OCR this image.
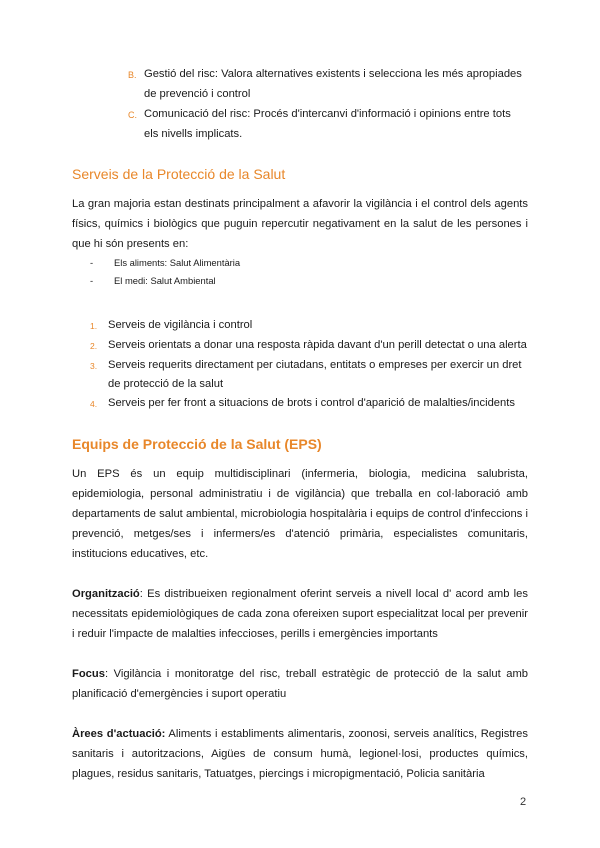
B. Gestió del risc: Valora alternatives existents i selecciona les més apropiades de prevenció i control
C. Comunicació del risc: Procés d'intercanvi d'informació i opinions entre tots els nivells implicats.
Serveis de la Protecció de la Salut

La gran majoria estan destinats principalment a afavorir la vigilància i el control dels agents físics, químics i biològics que puguin repercutir negativament en la salut de les persones i que hi són presents en:

-	Els aliments: Salut Alimentària
-	El medi: Salut Ambiental
1. Serveis de vigilància i control
2. Serveis orientats a donar una resposta ràpida davant d'un perill detectat o una alerta
3. Serveis requerits directament per ciutadans, entitats o empreses per exercir un dret de protecció de la salut
4. Serveis per fer front a situacions de brots i control d'aparició de malalties/incidents
Equips de Protecció de la Salut (EPS)

Un EPS és un equip multidisciplinari (infermeria, biologia, medicina salubrista, epidemiologia, personal administratiu i de vigilància) que treballa en col·laboració amb departaments de salut ambiental, microbiologia hospitalària i equips de control d'infeccions i prevenció, metges/ses i infermers/es d'atenció primària, especialistes comunitaris, institucions educatives, etc.

Organització: Es distribueixen regionalment oferint serveis a nivell local d' acord amb les necessitats epidemiològiques de cada zona ofereixen suport especialitzat local per prevenir i reduir l'impacte de malalties infeccioses, perills i emergències importants

Focus: Vigilància i monitoratge del risc, treball estratègic de protecció de la salut amb planificació d'emergències i suport operatiu

Àrees d'actuació: Aliments i establiments alimentaris, zoonosi, serveis analítics, Registres sanitaris i autoritzacions, Aigües de consum humà, legionel·losi, productes químics, plagues, residus sanitaris, Tatuatges, piercings i micropigmentació, Policia sanitària

2
